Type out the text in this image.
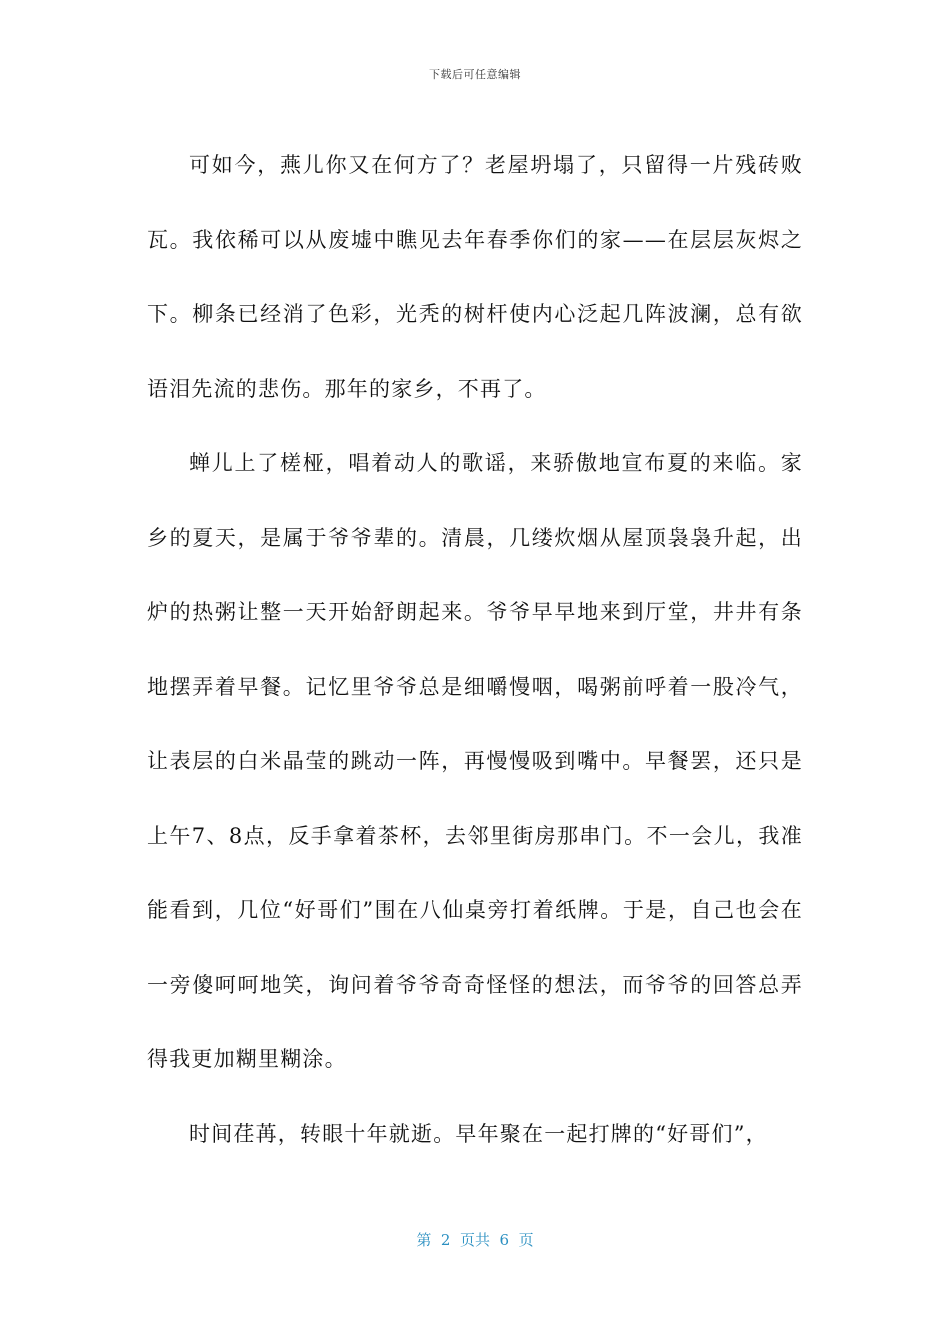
下载后可任意编辑

可如今，燕儿你又在何方了？老屋坍塌了，只留得一片残砖败瓦。我依稀可以从废墟中瞧见去年春季你们的家——在层层灰烬之下。柳条已经消了色彩，光秃的树杆使内心泛起几阵波澜，总有欲语泪先流的悲伤。那年的家乡，不再了。

蝉儿上了槎桠，唱着动人的歌谣，来骄傲地宣布夏的来临。家乡的夏天，是属于爷爷辈的。清晨，几缕炊烟从屋顶袅袅升起，出炉的热粥让整一天开始舒朗起来。爷爷早早地来到厅堂，井井有条地摆弄着早餐。记忆里爷爷总是细嚼慢咽，喝粥前呼着一股冷气，让表层的白米晶莹的跳动一阵，再慢慢吸到嘴中。早餐罢，还只是上午7、8点，反手拿着茶杯，去邻里街房那串门。不一会儿，我准能看到，几位“好哥们”围在八仙桌旁打着纸牌。于是，自己也会在一旁傻呵呵地笑，询问着爷爷奇奇怪怪的想法，而爷爷的回答总弄得我更加糊里糊涂。

时间荏苒，转眼十年就逝。早年聚在一起打牌的“好哥们”，

第  2  页共  6  页
